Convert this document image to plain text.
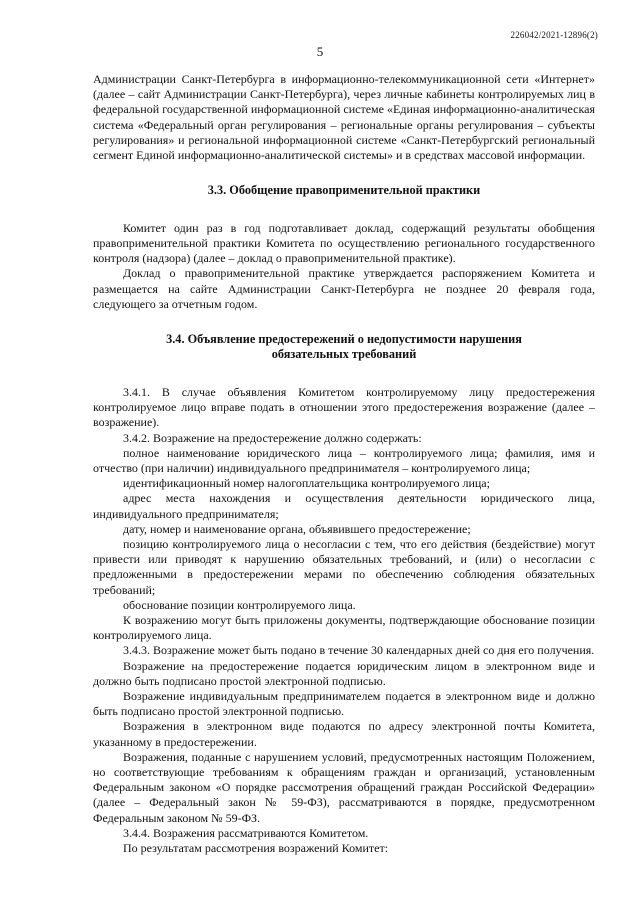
226042/2021-12896(2)
5

Администрации Санкт-Петербурга в информационно-телекоммуникационной сети «Интернет» (далее – сайт Администрации Санкт-Петербурга), через личные кабинеты контролируемых лиц в федеральной государственной информационной системе «Единая информационно-аналитическая система «Федеральный орган регулирования – региональные органы регулирования – субъекты регулирования» и региональной информационной системе «Санкт-Петербургский региональный сегмент Единой информационно-аналитической системы» и в средствах массовой информации.

3.3. Обобщение правоприменительной практики

Комитет один раз в год подготавливает доклад, содержащий результаты обобщения правоприменительной практики Комитета по осуществлению регионального государственного контроля (надзора) (далее – доклад о правоприменительной практике).

Доклад о правоприменительной практике утверждается распоряжением Комитета и размещается на сайте Администрации Санкт-Петербурга не позднее 20 февраля года, следующего за отчетным годом.

3.4. Объявление предостережений о недопустимости нарушения обязательных требований

3.4.1. В случае объявления Комитетом контролируемому лицу предостережения контролируемое лицо вправе подать в отношении этого предостережения возражение (далее – возражение).

3.4.2. Возражение на предостережение должно содержать:

полное наименование юридического лица – контролируемого лица; фамилия, имя и отчество (при наличии) индивидуального предпринимателя – контролируемого лица;

идентификационный номер налогоплательщика контролируемого лица;

адрес места нахождения и осуществления деятельности юридического лица, индивидуального предпринимателя;

дату, номер и наименование органа, объявившего предостережение;

позицию контролируемого лица о несогласии с тем, что его действия (бездействие) могут привести или приводят к нарушению обязательных требований, и (или) о несогласии с предложенными в предостережении мерами по обеспечению соблюдения обязательных требований;

обоснование позиции контролируемого лица.

К возражению могут быть приложены документы, подтверждающие обоснование позиции контролируемого лица.

3.4.3. Возражение может быть подано в течение 30 календарных дней со дня его получения.

Возражение на предостережение подается юридическим лицом в электронном виде и должно быть подписано простой электронной подписью.

Возражение индивидуальным предпринимателем подается в электронном виде и должно быть подписано простой электронной подписью.

Возражения в электронном виде подаются по адресу электронной почты Комитета, указанному в предостережении.

Возражения, поданные с нарушением условий, предусмотренных настоящим Положением, но соответствующие требованиям к обращениям граждан и организаций, установленным Федеральным законом «О порядке рассмотрения обращений граждан Российской Федерации» (далее – Федеральный закон № 59-ФЗ), рассматриваются в порядке, предусмотренном Федеральным законом № 59-ФЗ.

3.4.4. Возражения рассматриваются Комитетом.

По результатам рассмотрения возражений Комитет:
